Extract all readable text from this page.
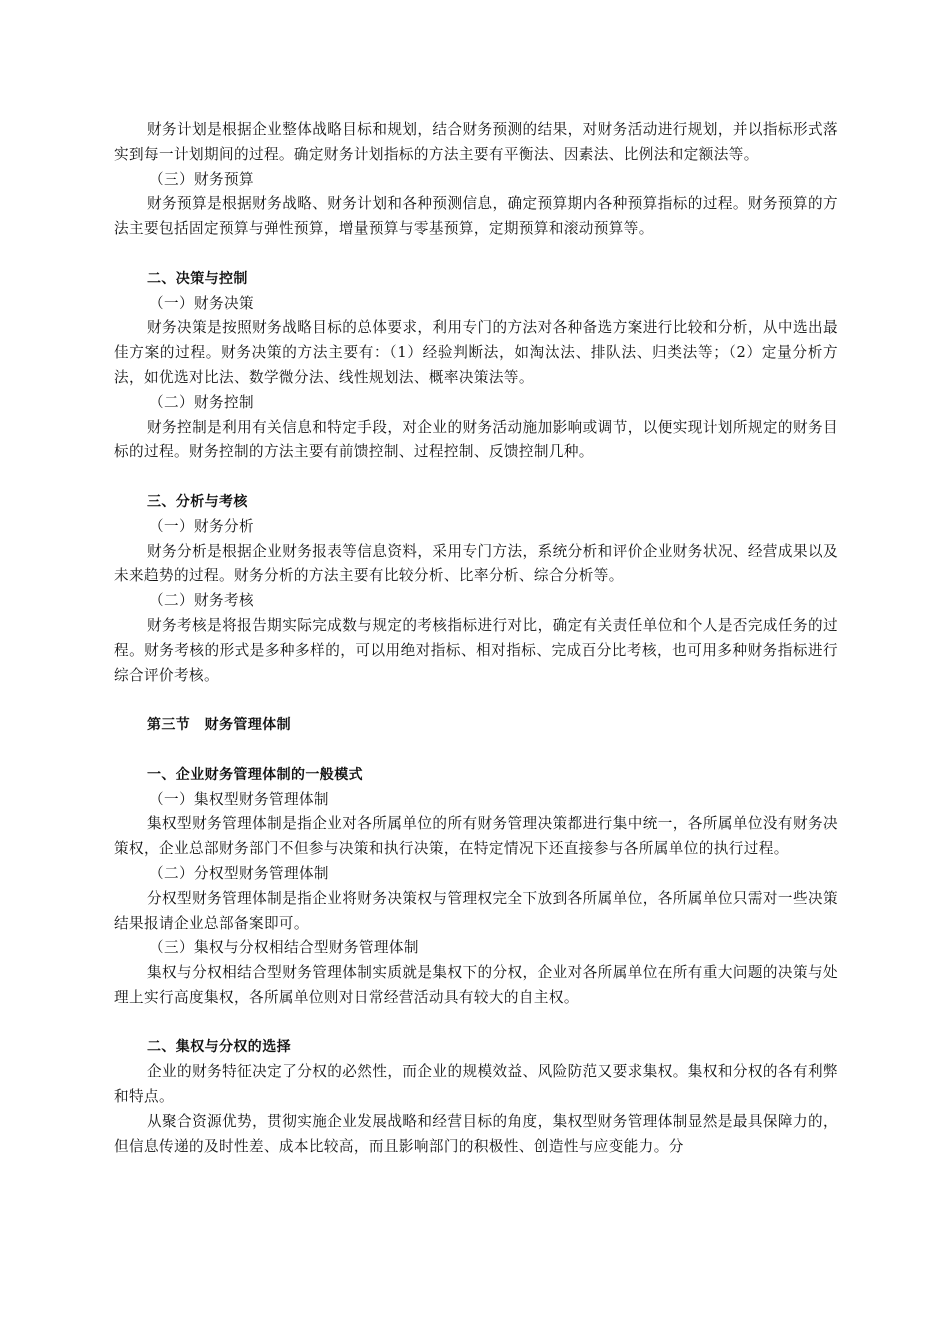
财务计划是根据企业整体战略目标和规划，结合财务预测的结果，对财务活动进行规划，并以指标形式落实到每一计划期间的过程。确定财务计划指标的方法主要有平衡法、因素法、比例法和定额法等。

（三）财务预算

财务预算是根据财务战略、财务计划和各种预测信息，确定预算期内各种预算指标的过程。财务预算的方法主要包括固定预算与弹性预算，增量预算与零基预算，定期预算和滚动预算等。

二、决策与控制

（一）财务决策

财务决策是按照财务战略目标的总体要求，利用专门的方法对各种备选方案进行比较和分析，从中选出最佳方案的过程。财务决策的方法主要有：（1）经验判断法，如淘汰法、排队法、归类法等；（2）定量分析方法，如优选对比法、数学微分法、线性规划法、概率决策法等。

（二）财务控制

财务控制是利用有关信息和特定手段，对企业的财务活动施加影响或调节，以便实现计划所规定的财务目标的过程。财务控制的方法主要有前馈控制、过程控制、反馈控制几种。

三、分析与考核

（一）财务分析

财务分析是根据企业财务报表等信息资料，采用专门方法，系统分析和评价企业财务状况、经营成果以及未来趋势的过程。财务分析的方法主要有比较分析、比率分析、综合分析等。

（二）财务考核

财务考核是将报告期实际完成数与规定的考核指标进行对比，确定有关责任单位和个人是否完成任务的过程。财务考核的形式是多种多样的，可以用绝对指标、相对指标、完成百分比考核，也可用多种财务指标进行综合评价考核。

第三节　财务管理体制

一、企业财务管理体制的一般模式

（一）集权型财务管理体制

集权型财务管理体制是指企业对各所属单位的所有财务管理决策都进行集中统一，各所属单位没有财务决策权，企业总部财务部门不但参与决策和执行决策，在特定情况下还直接参与各所属单位的执行过程。

（二）分权型财务管理体制

分权型财务管理体制是指企业将财务决策权与管理权完全下放到各所属单位，各所属单位只需对一些决策结果报请企业总部备案即可。

（三）集权与分权相结合型财务管理体制

集权与分权相结合型财务管理体制实质就是集权下的分权，企业对各所属单位在所有重大问题的决策与处理上实行高度集权，各所属单位则对日常经营活动具有较大的自主权。

二、集权与分权的选择

企业的财务特征决定了分权的必然性，而企业的规模效益、风险防范又要求集权。集权和分权的各有利弊和特点。

从聚合资源优势，贯彻实施企业发展战略和经营目标的角度，集权型财务管理体制显然是最具保障力的，但信息传递的及时性差、成本比较高，而且影响部门的积极性、创造性与应变能力。分
